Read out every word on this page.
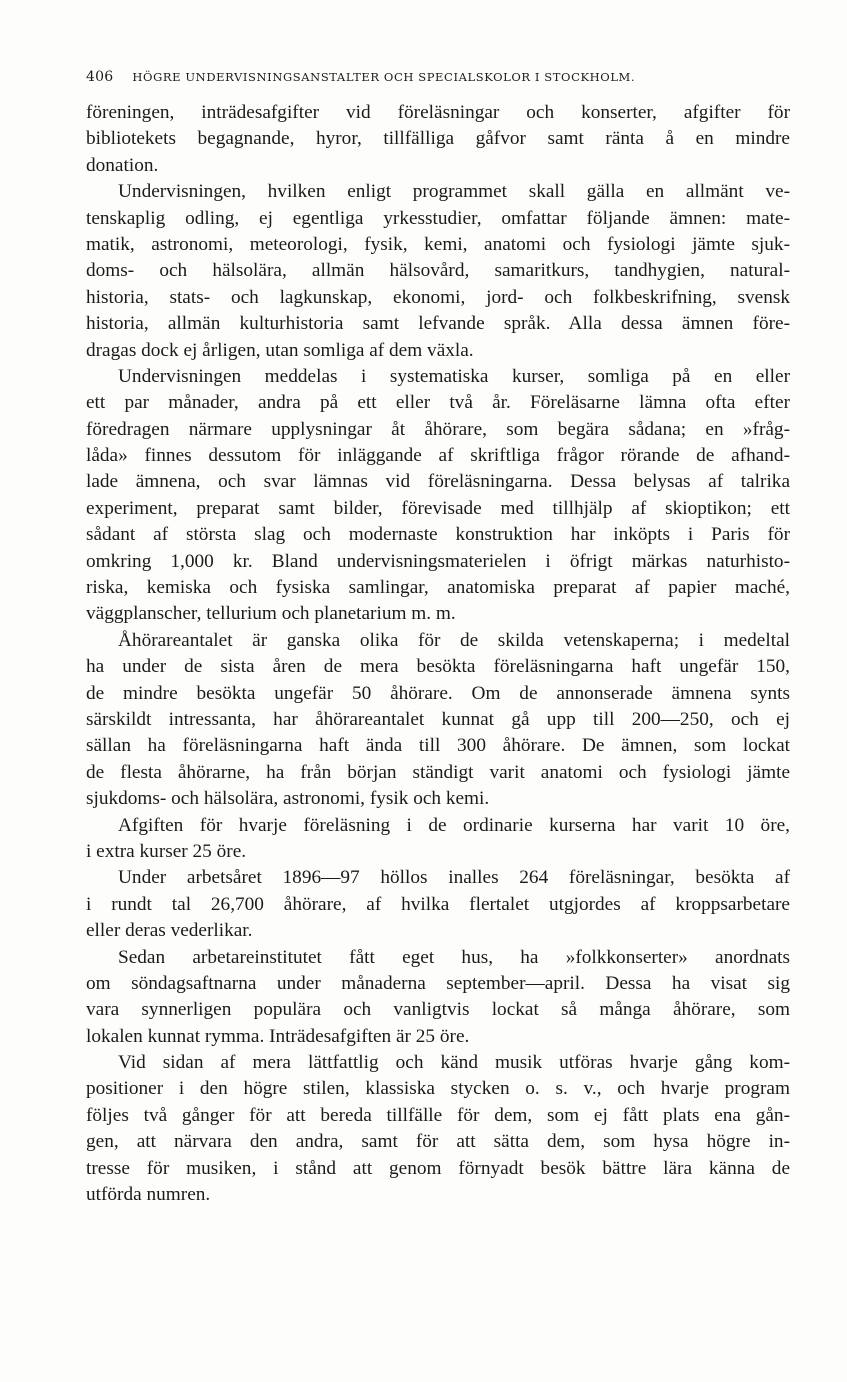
406 HÖGRE UNDERVISNINGSANSTALTER OCH SPECIALSKOLOR I STOCKHOLM.
föreningen, inträdesafgifter vid föreläsningar och konserter, afgifter för
bibliotekets begagnande, hyror, tillfälliga gåfvor samt ränta å en mindre
donation.
Undervisningen, hvilken enligt programmet skall gälla en allmänt ve-
tenskaplig odling, ej egentliga yrkesstudier, omfattar följande ämnen: mate-
matik, astronomi, meteorologi, fysik, kemi, anatomi och fysiologi jämte sjuk-
doms- och hälsolära, allmän hälsovård, samaritkurs, tandhygien, natural-
historia, stats- och lagkunskap, ekonomi, jord- och folkbeskrifning, svensk
historia, allmän kulturhistoria samt lefvande språk. Alla dessa ämnen före-
dragas dock ej årligen, utan somliga af dem växla.
Undervisningen meddelas i systematiska kurser, somliga på en eller
ett par månader, andra på ett eller två år. Föreläsarne lämna ofta efter
föredragen närmare upplysningar åt åhörare, som begära sådana; en »fråg-
låda» finnes dessutom för inläggande af skriftliga frågor rörande de afhand-
lade ämnena, och svar lämnas vid föreläsningarna. Dessa belysas af talrika
experiment, preparat samt bilder, förevisade med tillhjälp af skioptikon; ett
sådant af största slag och modernaste konstruktion har inköpts i Paris för
omkring 1,000 kr. Bland undervisningsmaterielen i öfrigt märkas naturhisto-
riska, kemiska och fysiska samlingar, anatomiska preparat af papier maché,
väggplanscher, tellurium och planetarium m. m.
Åhörareantalet är ganska olika för de skilda vetenskaperna; i medeltal
ha under de sista åren de mera besökta föreläsningarna haft ungefär 150,
de mindre besökta ungefär 50 åhörare. Om de annonserade ämnena synts
särskildt intressanta, har åhörareantalet kunnat gå upp till 200—250, och ej
sällan ha föreläsningarna haft ända till 300 åhörare. De ämnen, som lockat
de flesta åhörarne, ha från början ständigt varit anatomi och fysiologi jämte
sjukdoms- och hälsolära, astronomi, fysik och kemi.
Afgiften för hvarje föreläsning i de ordinarie kurserna har varit 10 öre,
i extra kurser 25 öre.
Under arbetsåret 1896—97 höllos inalles 264 föreläsningar, besökta af
i rundt tal 26,700 åhörare, af hvilka flertalet utgjordes af kroppsarbetare
eller deras vederlikar.
Sedan arbetareinstitutet fått eget hus, ha »folkkonserter» anordnats
om söndagsaftnarna under månaderna september—april. Dessa ha visat sig
vara synnerligen populära och vanligtvis lockat så många åhörare, som
lokalen kunnat rymma. Inträdesafgiften är 25 öre.
Vid sidan af mera lättfattlig och känd musik utföras hvarje gång kom-
positioner i den högre stilen, klassiska stycken o. s. v., och hvarje program
följes två gånger för att bereda tillfälle för dem, som ej fått plats ena gån-
gen, att närvara den andra, samt för att sätta dem, som hysa högre in-
tresse för musiken, i stånd att genom förnyadt besök bättre lära känna de
utförda numren.
